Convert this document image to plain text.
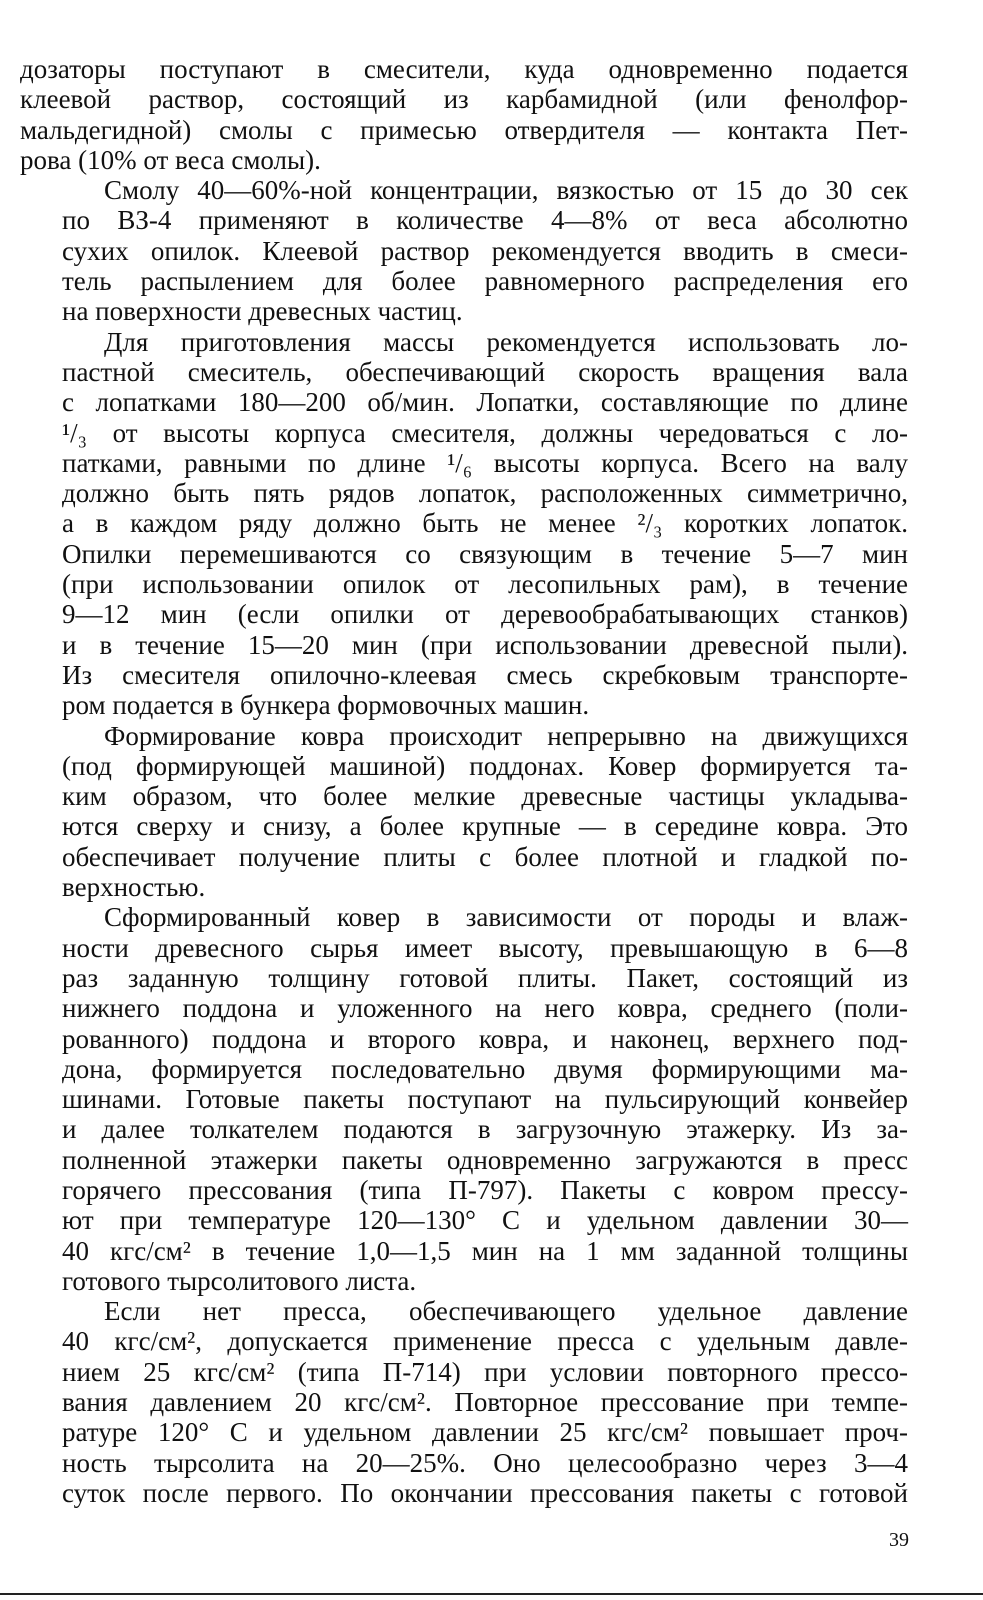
дозаторы поступают в смесители, куда одновременно подается
клеевой раствор, состоящий из карбамидной (или фенолфор-
мальдегидной) смолы с примесью отвердителя — контакта Пет-
рова (10% от веса смолы).
Смолу 40—60%-ной концентрации, вязкостью от 15 до 30 сек
по ВЗ-4 применяют в количестве 4—8% от веса абсолютно
сухих опилок. Клеевой раствор рекомендуется вводить в смеси-
тель распылением для более равномерного распределения его
на поверхности древесных частиц.
Для приготовления массы рекомендуется использовать ло-
пастной смеситель, обеспечивающий скорость вращения вала
с лопатками 180—200 об/мин. Лопатки, составляющие по длине
¹/₃ от высоты корпуса смесителя, должны чередоваться с ло-
патками, равными по длине ¹/₆ высоты корпуса. Всего на валу
должно быть пять рядов лопаток, расположенных симметрично,
а в каждом ряду должно быть не менее ²/₃ коротких лопаток.
Опилки перемешиваются со связующим в течение 5—7 мин
(при использовании опилок от лесопильных рам), в течение
9—12 мин (если опилки от деревообрабатывающих станков)
и в течение 15—20 мин (при использовании древесной пыли).
Из смесителя опилочно-клеевая смесь скребковым транспорте-
ром подается в бункера формовочных машин.
Формирование ковра происходит непрерывно на движущихся
(под формирующей машиной) поддонах. Ковер формируется та-
ким образом, что более мелкие древесные частицы укладыва-
ются сверху и снизу, а более крупные — в середине ковра. Это
обеспечивает получение плиты с более плотной и гладкой по-
верхностью.
Сформированный ковер в зависимости от породы и влаж-
ности древесного сырья имеет высоту, превышающую в 6—8
раз заданную толщину готовой плиты. Пакет, состоящий из
нижнего поддона и уложенного на него ковра, среднего (поли-
рованного) поддона и второго ковра, и наконец, верхнего под-
дона, формируется последовательно двумя формирующими ма-
шинами. Готовые пакеты поступают на пульсирующий конвейер
и далее толкателем подаются в загрузочную этажерку. Из за-
полненной этажерки пакеты одновременно загружаются в пресс
горячего прессования (типа П-797). Пакеты с ковром прессу-
ют при температуре 120—130° С и удельном давлении 30—
40 кгс/см² в течение 1,0—1,5 мин на 1 мм заданной толщины
готового тырсолитового листа.
Если нет пресса, обеспечивающего удельное давление
40 кгс/см², допускается применение пресса с удельным давле-
нием 25 кгс/см² (типа П-714) при условии повторного прессо-
вания давлением 20 кгс/см². Повторное прессование при темпе-
ратуре 120° С и удельном давлении 25 кгс/см² повышает проч-
ность тырсолита на 20—25%. Оно целесообразно через 3—4
суток после первого. По окончании прессования пакеты с готовой
39
